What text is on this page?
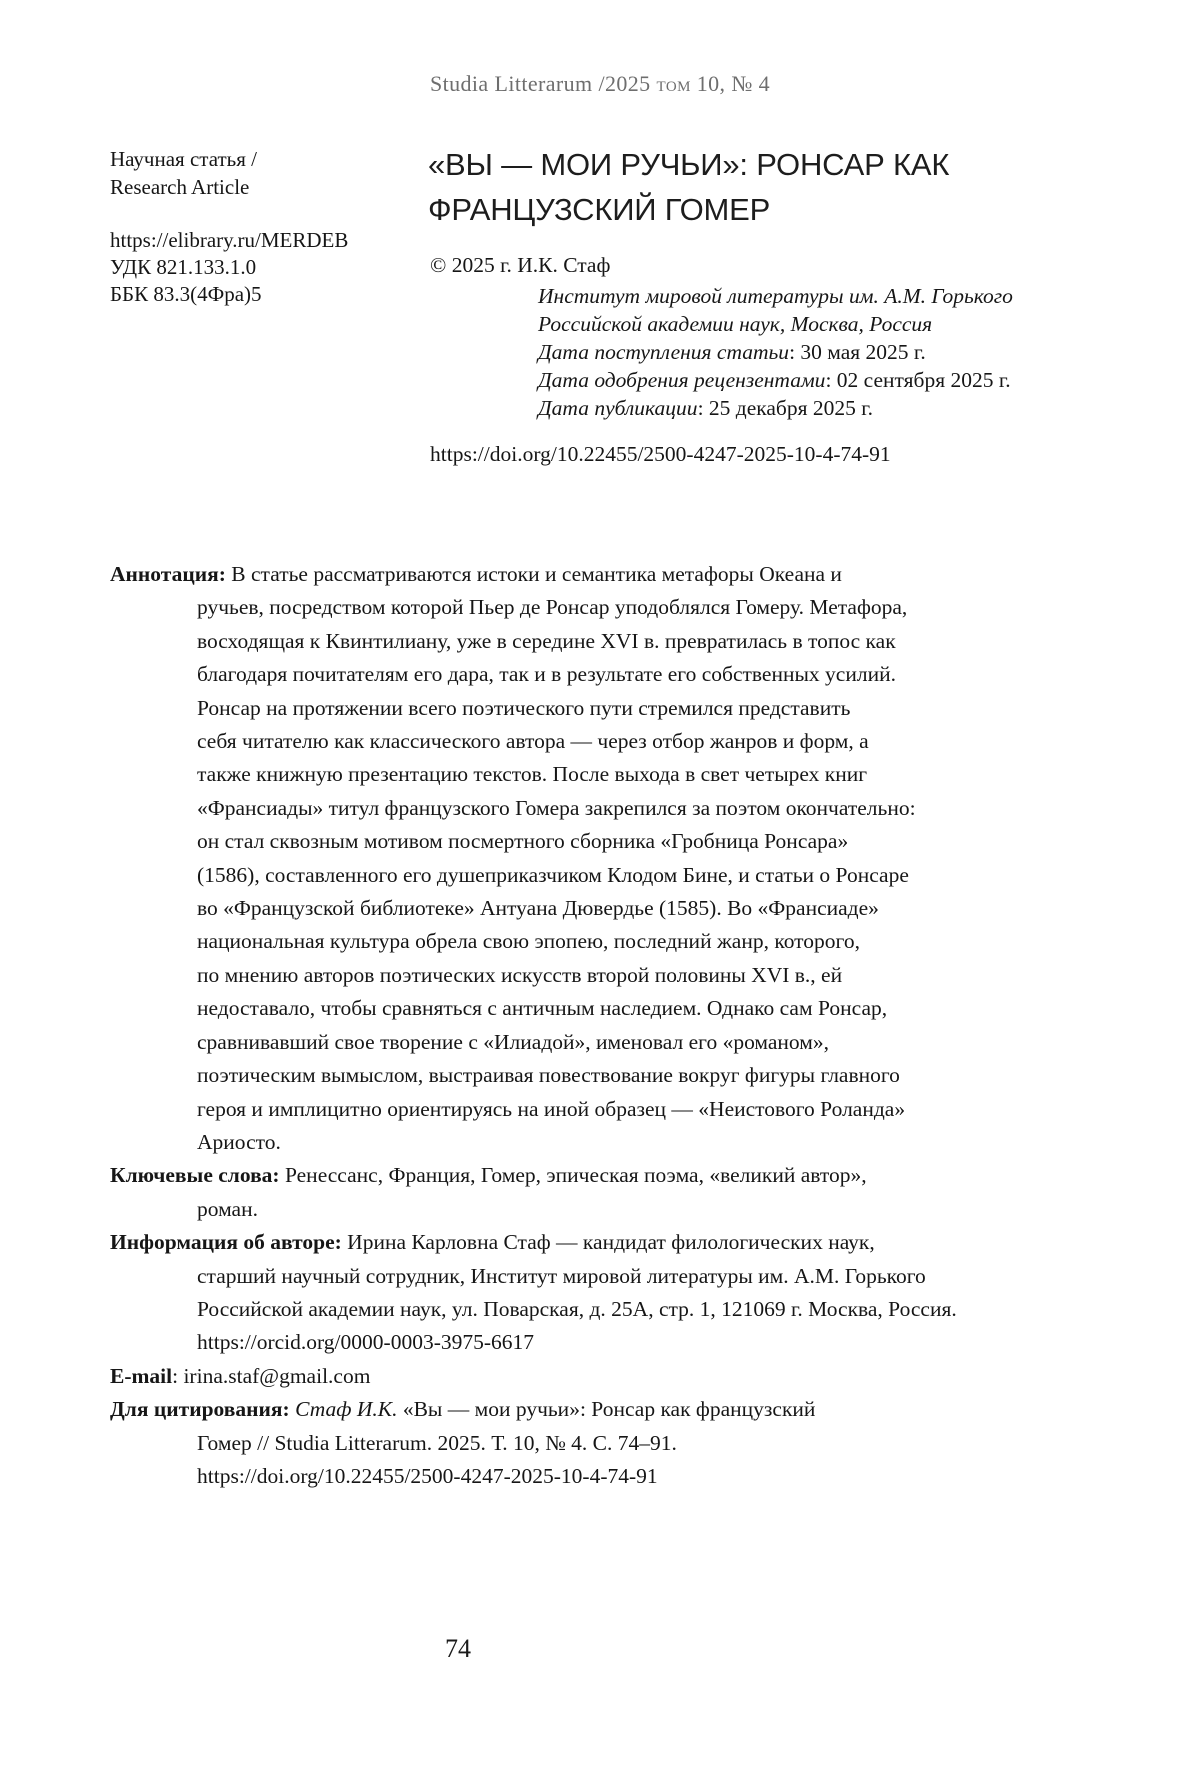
Studia Litterarum /2025 том 10, № 4
Научная статья /
Research Article
https://elibrary.ru/MERDEB
УДК 821.133.1.0
ББК 83.3(4Фра)5
«ВЫ — МОИ РУЧЬИ»: РОНСАР КАК
ФРАНЦУЗСКИЙ ГОМЕР
© 2025 г. И.К. Стаф
Институт мировой литературы им. А.М. Горького
Российской академии наук, Москва, Россия
Дата поступления статьи: 30 мая 2025 г.
Дата одобрения рецензентами: 02 сентября 2025 г.
Дата публикации: 25 декабря 2025 г.
https://doi.org/10.22455/2500-4247-2025-10-4-74-91
Аннотация: В статье рассматриваются истоки и семантика метафоры Океана и
ручьев, посредством которой Пьер де Ронсар уподоблялся Гомеру. Метафора,
восходящая к Квинтилиану, уже в середине XVI в. превратилась в топос как
благодаря почитателям его дара, так и в результате его собственных усилий.
Ронсар на протяжении всего поэтического пути стремился представить
себя читателю как классического автора — через отбор жанров и форм, а
также книжную презентацию текстов. После выхода в свет четырех книг
«Франсиады» титул французского Гомера закрепился за поэтом окончательно:
он стал сквозным мотивом посмертного сборника «Гробница Ронсара»
(1586), составленного его душеприказчиком Клодом Бине, и статьи о Ронсаре
во «Французской библиотеке» Антуана Дювердье (1585). Во «Франсиаде»
национальная культура обрела свою эпопею, последний жанр, которого,
по мнению авторов поэтических искусств второй половины XVI в., ей
недоставало, чтобы сравняться с античным наследием. Однако сам Ронсар,
сравнивавший свое творение с «Илиадой», именовал его «романом»,
поэтическим вымыслом, выстраивая повествование вокруг фигуры главного
героя и имплицитно ориентируясь на иной образец — «Неистового Роланда»
Ариосто.
Ключевые слова: Ренессанс, Франция, Гомер, эпическая поэма, «великий автор»,
роман.
Информация об авторе: Ирина Карловна Стаф — кандидат филологических наук,
старший научный сотрудник, Институт мировой литературы им. А.М. Горького
Российской академии наук, ул. Поварская, д. 25А, стр. 1, 121069 г. Москва, Россия.
https://orcid.org/0000-0003-3975-6617
E-mail: irina.staf@gmail.com
Для цитирования: Стаф И.К. «Вы — мои ручьи»: Ронсар как французский
Гомер // Studia Litterarum. 2025. Т. 10, № 4. С. 74–91.
https://doi.org/10.22455/2500-4247-2025-10-4-74-91
74
